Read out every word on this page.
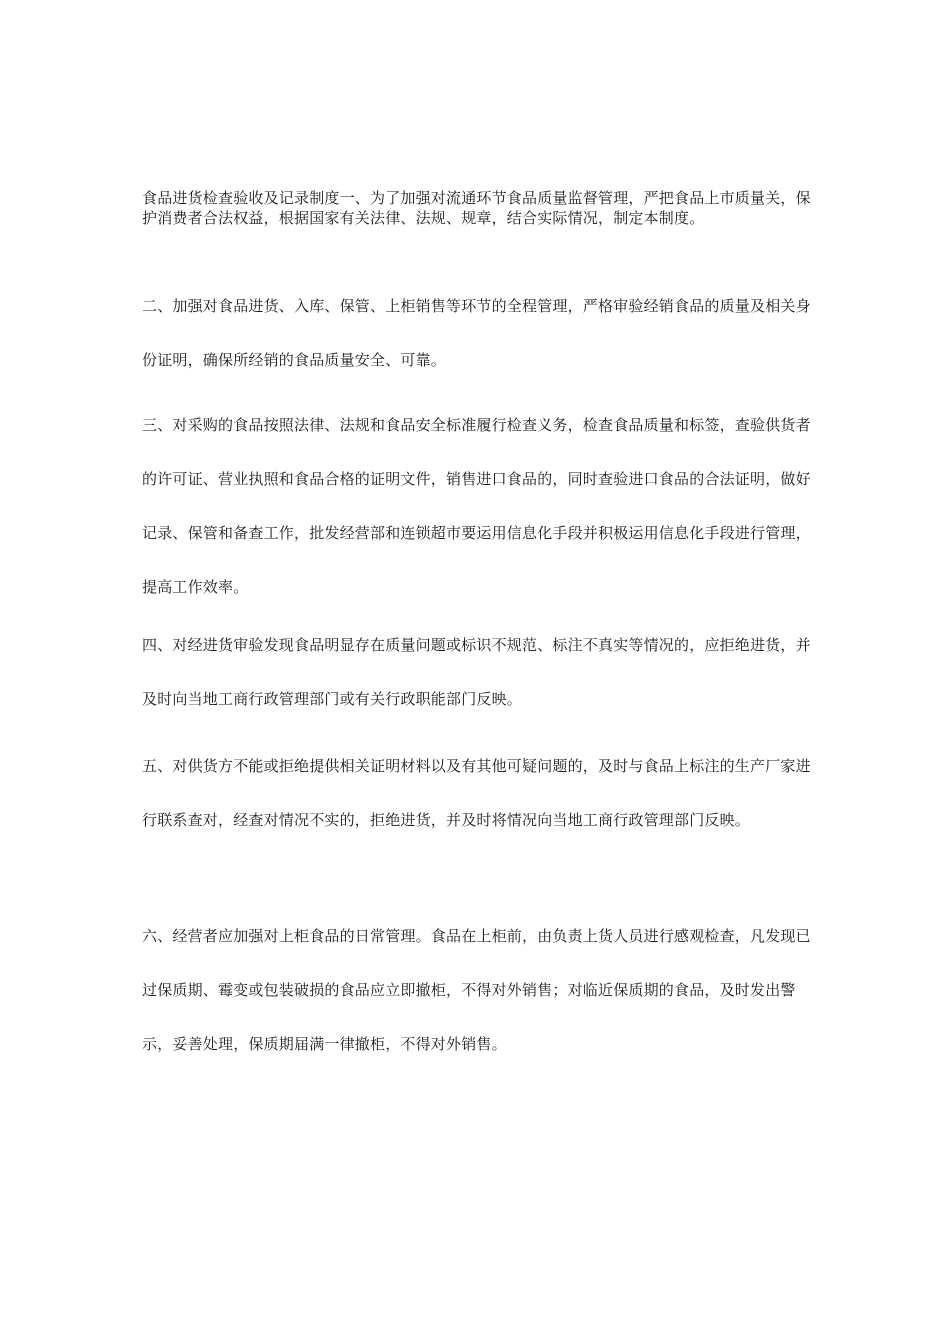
食品进货检查验收及记录制度一、为了加强对流通环节食品质量监督管理，严把食品上市质量关，保护消费者合法权益，根据国家有关法律、法规、规章，结合实际情况，制定本制度。

二、加强对食品进货、入库、保管、上柜销售等环节的全程管理，严格审验经销食品的质量及相关身份证明，确保所经销的食品质量安全、可靠。

三、对采购的食品按照法律、法规和食品安全标准履行检查义务，检查食品质量和标签，查验供货者的许可证、营业执照和食品合格的证明文件，销售进口食品的，同时查验进口食品的合法证明，做好记录、保管和备查工作，批发经营部和连锁超市要运用信息化手段并积极运用信息化手段进行管理，提高工作效率。

四、对经进货审验发现食品明显存在质量问题或标识不规范、标注不真实等情况的，应拒绝进货，并及时向当地工商行政管理部门或有关行政职能部门反映。

五、对供货方不能或拒绝提供相关证明材料以及有其他可疑问题的，及时与食品上标注的生产厂家进行联系查对，经查对情况不实的，拒绝进货，并及时将情况向当地工商行政管理部门反映。

六、经营者应加强对上柜食品的日常管理。食品在上柜前，由负责上货人员进行感观检查，凡发现已过保质期、霉变或包装破损的食品应立即撤柜，不得对外销售；对临近保质期的食品，及时发出警示，妥善处理，保质期届满一律撤柜，不得对外销售。
